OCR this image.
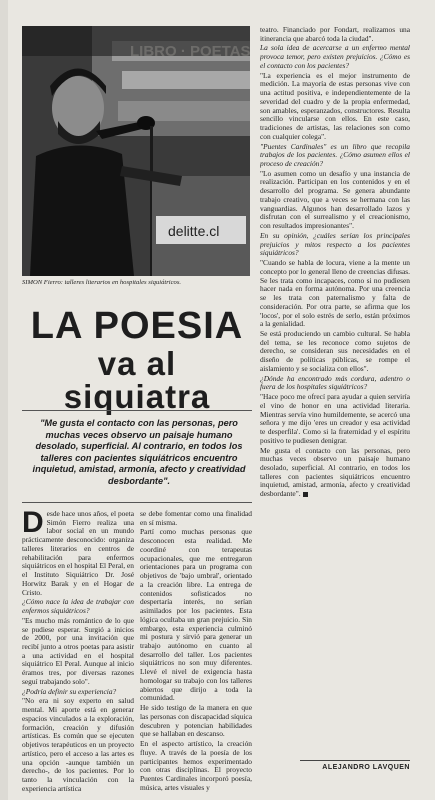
delitte.cl
SIMON Fierro: talleres literarios en hospitales siquiátricos.
LA POESIA
va al siquiatra
"Me gusta el contacto con las personas, pero muchas veces observo un paisaje humano desolado, superficial. Al contrario, en todos los talleres con pacientes siquiátricos encuentro inquietud, amistad, armonía, afecto y creatividad desbordante".

Desde hace unos años, el poeta Simón Fierro realiza una labor social en un mundo prácticamente desconocido: organiza talleres literarios en centros de rehabilitación para enfermos siquiátricos en el hospital El Peral, en el Instituto Siquiátrico Dr. José Horwitz Barak y en el Hogar de Cristo.

¿Cómo nace la idea de trabajar con enfermos siquiátricos?

"Es mucho más romántico de lo que se pudiese esperar. Surgió a inicios de 2000, por una invitación que recibí junto a otros poetas para asistir a una actividad en el hospital siquiátrico El Peral. Aunque al inicio éramos tres, por diversas razones seguí trabajando solo".

¿Podría definir su experiencia?

"No era ni soy experto en salud mental. Mi aporte está en generar espacios vinculados a la exploración, formación, creación y difusión artísticas. Es común que se ejecuten objetivos terapéuticos en un proyecto artístico, pero el acceso a las artes es una opción -aunque también un derecho-, de los pacientes. Por lo tanto la vinculación con la experiencia artística

se debe fomentar como una finalidad en sí misma.

Partí como muchas personas que desconocen esta realidad. Me coordiné con terapeutas ocupacionales, que me entregaron orientaciones para un programa con objetivos de 'bajo umbral', orientado a la creación libre. La entrega de contenidos sofisticados no despertaría interés, no serían asimilados por los pacientes. Esta lógica ocultaba un gran prejuicio. Sin embargo, esta experiencia culminó mi postura y sirvió para generar un trabajo autónomo en cuanto al desarrollo del taller. Los pacientes siquiátricos no son muy diferentes. Llevé el nivel de exigencia hasta homologar su trabajo con los talleres abiertos que dirijo a toda la comunidad.

He sido testigo de la manera en que las personas con discapacidad síquica descubren y potencian habilidades que se hallaban en descanso.

En el aspecto artístico, la creación fluye. A través de la poesía de los participantes hemos experimentado con otras disciplinas. El proyecto Puentes Cardinales incorporó poesía, música, artes visuales y

teatro. Financiado por Fondart, realizamos una itinerancia que abarcó toda la ciudad".

La sola idea de acercarse a un enfermo mental provoca temor, pero existen prejuicios. ¿Cómo es el contacto con los pacientes?

"La experiencia es el mejor instrumento de medición. La mayoría de estas personas vive con una actitud positiva, e independientemente de la severidad del cuadro y de la propia enfermedad, son amables, esperanzados, constructores. Resulta sencillo vincularse con ellos. En este caso, tradiciones de artistas, las relaciones son como con cualquier colega".

"Puentes Cardinales" es un libro que recopila trabajos de los pacientes. ¿Cómo asumen ellos el proceso de creación?

"Lo asumen como un desafío y una instancia de realización. Participan en los contenidos y en el desarrollo del programa. Se genera abundante trabajo creativo, que a veces se hermana con las vanguardias. Algunos han desarrollado lazos y disfrutan con el surrealismo y el creacionismo, con resultados impresionantes".

En su opinión, ¿cuáles serían los principales prejuicios y mitos respecto a los pacientes siquiátricos?

"Cuando se habla de locura, viene a la mente un concepto por lo general lleno de creencias difusas. Se les trata como incapaces, como si no pudiesen hacer nada en forma autónoma. Por una creencia se les trata con paternalismo y falta de consideración. Por otra parte, se afirma que los 'locos', por el solo estrés de serlo, están próximos a la genialidad.

Se está produciendo un cambio cultural. Se habla del tema, se les reconoce como sujetos de derecho, se consideran sus necesidades en el diseño de políticas públicas, se rompe el aislamiento y se socializa con ellos".

¿Dónde ha encontrado más cordura, adentro o fuera de los hospitales siquiátricos?

"Hace poco me ofrecí para ayudar a quien serviría el vino de honor en una actividad literaria. Mientras servía vino humildemente, se acercó una señora y me dijo 'eres un creador y esa actividad te desperfila'. Como si la fraternidad y el espíritu positivo te pudiesen denigrar.

Me gusta el contacto con las personas, pero muchas veces observo un paisaje humano desolado, superficial. Al contrario, en todos los talleres con pacientes siquiátricos encuentro inquietud, amistad, armonía, afecto y creatividad desbordante".

ALEJANDRO LAVQUEN
